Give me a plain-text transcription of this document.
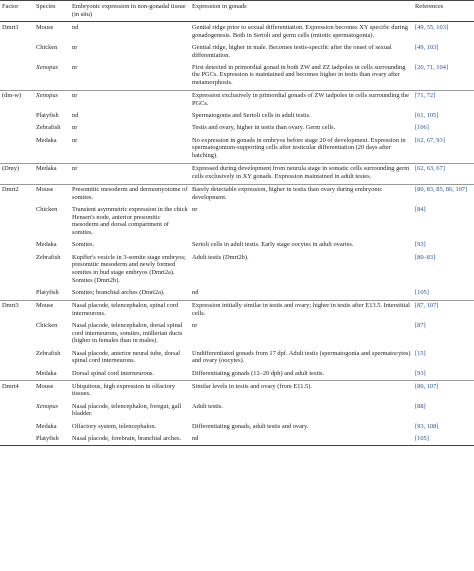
Factor	Species	Embryonic expression in non-gonadal tissue (in situ)	Expression in gonads	References
Dmrt1	Mouse	nd	Genital ridge prior to sexual differentiation. Expression becomes XY specific during gonadogenesis. Both in Sertoli and germ cells (mitotic spermatogonia).	[49, 55, 103]
	Chicken	nr	Genital ridge, higher in male. Becomes testis-specific after the onset of sexual differentiation.	[49, 103]
	Xenopus	nr	First detected in primordial gonad in both ZW and ZZ tadpoles in cells surrounding the PGCs. Expression is maintained and becomes higher in testis than ovary after metamorphosis.	[20, 71, 104]
(dm-w)	Xenopus	nr	Expression exclusively in primordial gonads of ZW tadpoles in cells surrounding the PGCs.	[71, 72]
	Platyfish	nd	Spermatogonia and Sertoli cells in adult testis.	[61, 105]
	Zebrafish	nr	Testis and ovary, higher in testis than ovary. Germ cells.	[106]
	Medaka	nr	No expression in gonads in embryos before stage 20 of development. Expression in spermatogonium-supporting cells after testicular differentiation (20 days after hatching).	[62, 67, 93]
(Dmy)	Medaka	nr	Expressed during development from neurula stage in somatic cells surrounding germ cells exclusively in XY gonads. Expression maintained in adult testes.	[62, 63, 67]
Dmrt2	Mouse	Presomitic mesoderm and dermomyotome of somites.	Barely detectable expression, higher in testis than ovary during embryonic development.	[80, 83, 85, 86, 107]
	Chicken	Transient asymmetric expression in the chick Hensen's node, anterior presomitic mesoderm and dorsal compartment of somites.	nr	[84]
	Medaka	Somites.	Sertoli cells in adult testis. Early stage oocytes in adult ovaries.	[93]
	Zebrafish	Kupffer's vesicle in 3-somite stage embryos; presomitic mesoderm and newly formed somites in bud stage embryos (Dmrt2a). Somites (Dmrt2b).	Adult testis (Dmrt2b).	[80–83]
	Platyfish	Somites; branchial arches (Dmrt2a).	nd	[105]
Dmrt3	Mouse	Nasal placode, telencephalon, spinal cord interneurons.	Expression initially similar in testis and ovary; higher in testis after E13.5. Interstitial cells.	[87, 107]
	Chicken	Nasal placode, telencephalon, dorsal spinal cord interneurons, somites, müllerian ducts (higher in females than in males).	nr	[87]
	Zebrafish	Nasal placode, anterior neural tube, dorsal spinal cord interneurons.	Undifferentiated gonads from 17 dpf. Adult testis (spermatogonia and spermatocytes) and ovary (oocytes).	[15]
	Medaka	Dorsal spinal cord interneurons.	Differentiating gonads (12–20 dph) and adult testis.	[93]
Dmrt4	Mouse	Ubiquitous, high expression in olfactory tissues.	Similar levels in testis and ovary (from E11.5).	[80, 107]
	Xenopus	Nasal placode, telencephalon, foregut, gall bladder.	Adult testis.	[88]
	Medaka	Olfactory system, telencephalon.	Differentiating gonads, adult testis and ovary.	[93, 108]
	Platyfish	Nasal placode, forebrain, branchial arches.	nd	[105]
